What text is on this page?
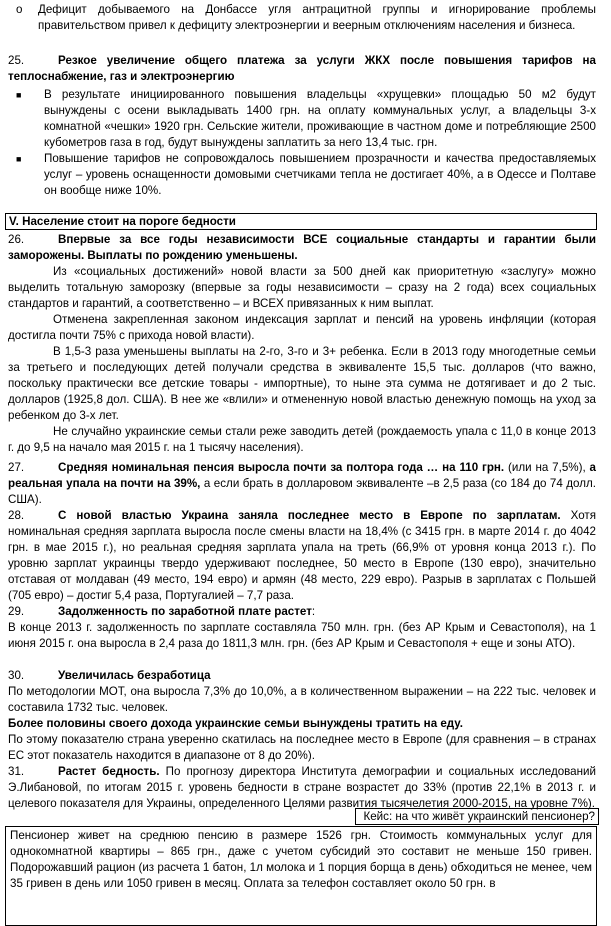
o Дефицит добываемого на Донбассе угля антрацитной группы и игнорирование проблемы правительством привел к дефициту электроэнергии и веерным отключениям населения и бизнеса.

25.	Резкое увеличение общего платежа за услуги ЖКХ после повышения тарифов на

теплоснабжение, газ и электроэнергию

■ В результате инициированного повышения владельцы «хрущевки» площадью 50 м2 будут вынуждены с осени выкладывать 1400 грн. на оплату коммунальных услуг, а владельцы 3-х комнатной «чешки» 1920 грн. Сельские жители, проживающие в частном доме и потребляющие 2500 кубометров газа в год, будут вынуждены заплатить за него 13,4 тыс. грн.

■ Повышение тарифов не сопровождалось повышением прозрачности и качества предоставляемых услуг – уровень оснащенности домовыми счетчиками тепла не достигает 40%, а в Одессе и Полтаве он вообще ниже 10%.

V. Население стоит на пороге бедности

26.	Впервые за все годы независимости ВСЕ социальные стандарты и гарантии были

заморожены. Выплаты по рождению уменьшены.

Из «социальных достижений» новой власти за 500 дней как приоритетную «заслугу» можно выделить тотальную заморозку (впервые за годы независимости – сразу на 2 года) всех социальных стандартов и гарантий, а соответственно – и ВСЕХ привязанных к ним выплат.

Отменена закрепленная законом индексация зарплат и пенсий на уровень инфляции (которая достигла почти 75% с прихода новой власти).

В 1,5-3 раза уменьшены выплаты на 2-го, 3-го и 3+ ребенка. Если в 2013 году многодетные семьи за третьего и последующих детей получали средства в эквиваленте 15,5 тыс. долларов (что важно, поскольку практически все детские товары - импортные), то ныне эта сумма не дотягивает и до 2 тыс. долларов (1925,8 дол. США). В нее же «влили» и отмененную новой властью денежную помощь на уход за ребенком до 3-х лет.

Не случайно украинские семьи стали реже заводить детей (рождаемость упала с 11,0 в конце 2013 г. до 9,5 на начало мая 2015 г. на 1 тысячу населения).

27.	Средняя номинальная пенсия выросла почти за полтора года … на 110 грн. (или на 7,5%), а реальная упала на почти на 39%, а если брать в долларовом эквиваленте –в 2,5 раза (со 184 до 74 долл. США).

28.	С новой властью Украина заняла последнее место в Европе по зарплатам. Хотя номинальная средняя зарплата выросла после смены власти на 18,4% (с 3415 грн. в марте 2014 г. до 4042 грн. в мае 2015 г.), но реальная средняя зарплата упала на треть (66,9% от уровня конца 2013 г.). По уровню зарплат украинцы твердо удерживают последнее, 50 место в Европе (130 евро), значительно отставая от молдаван (49 место, 194 евро) и армян (48 место, 229 евро). Разрыв в зарплатах с Польшей (705 евро) – достиг 5,4 раза, Португалией – 7,7 раза.

29.	Задолженность по заработной плате растет:

В конце 2013 г. задолженность по зарплате составляла 750 млн. грн. (без АР Крым и Севастополя), на 1 июня 2015 г. она выросла в 2,4 раза до 1811,3 млн. грн. (без АР Крым и Севастополя + еще и зоны АТО).

30.	Увеличилась безработица

По методологии МОТ, она выросла 7,3% до 10,0%, а в количественном выражении – на 222 тыс. человек и составила 1732 тыс. человек.

Более половины своего дохода украинские семьи вынуждены тратить на еду.

По этому показателю страна уверенно скатилась на последнее место в Европе (для сравнения – в странах ЕС этот показатель находится в диапазоне от 8 до 20%).

31.	Растет бедность. По прогнозу директора Института демографии и социальных исследований Э.Либановой, по итогам 2015 г. уровень бедности в стране возрастет до 33% (против 22,1% в 2013 г. и целевого показателя для Украины, определенного Целями развития тысячелетия 2000-2015, на уровне 7%).

Кейс: на что живёт украинский пенсионер?

Пенсионер живет на среднюю пенсию в размере 1526 грн. Стоимость коммунальных услуг для однокомнатной квартиры – 865 грн., даже с учетом субсидий это составит не меньше 150 гривен. Подорожавший рацион (из расчета 1 батон, 1л молока и 1 порция борща в день) обходиться не менее, чем 35 гривен в день или 1050 гривен в месяц. Оплата за телефон составляет около 50 грн. в
